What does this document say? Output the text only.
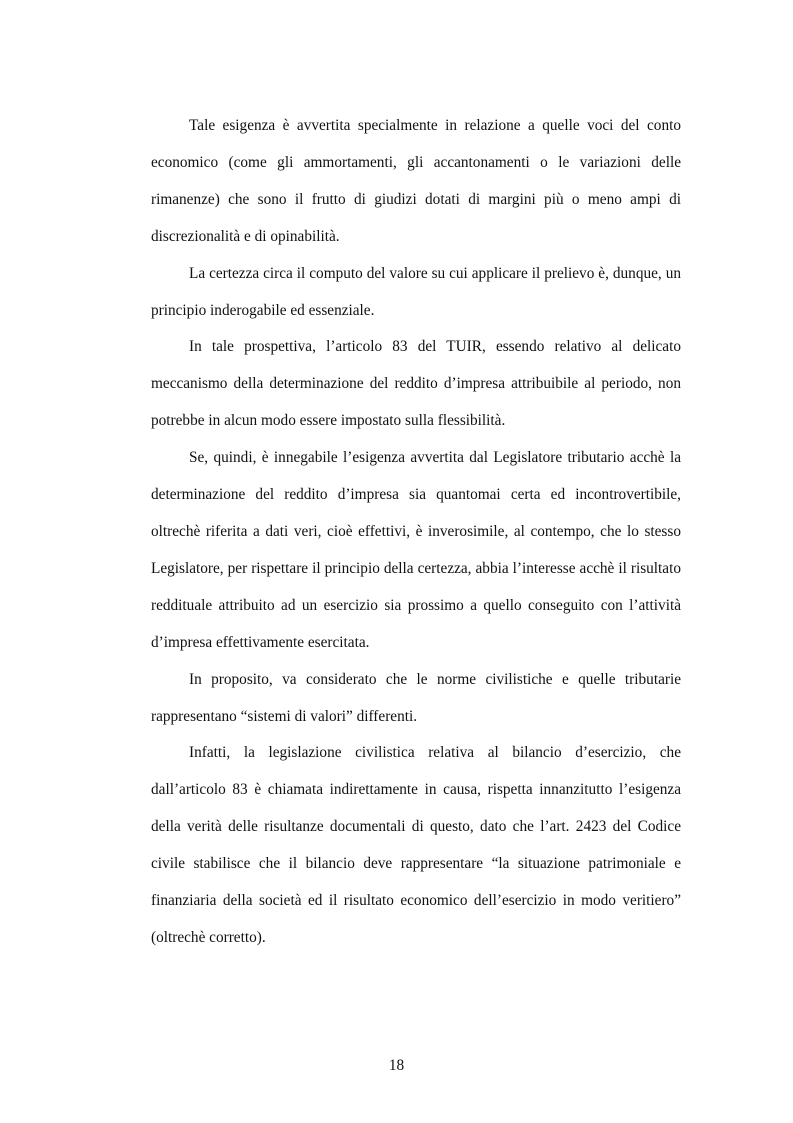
Tale esigenza è avvertita specialmente in relazione a quelle voci del conto economico (come gli ammortamenti, gli accantonamenti o le variazioni delle rimanenze) che sono il frutto di giudizi dotati di margini più o meno ampi di discrezionalità e di opinabilità.

La certezza circa il computo del valore su cui applicare il prelievo è, dunque, un principio inderogabile ed essenziale.

In tale prospettiva, l’articolo 83 del TUIR, essendo relativo al delicato meccanismo della determinazione del reddito d’impresa attribuibile al periodo, non potrebbe in alcun modo essere impostato sulla flessibilità.

Se, quindi, è innegabile l’esigenza avvertita dal Legislatore tributario acchè la determinazione del reddito d’impresa sia quantomai certa ed incontrovertibile, oltrechè riferita a dati veri, cioè effettivi, è inverosimile, al contempo, che lo stesso Legislatore, per rispettare il principio della certezza, abbia l’interesse acchè il risultato reddituale attribuito ad un esercizio sia prossimo a quello conseguito con l’attività d’impresa effettivamente esercitata.

In proposito, va considerato che le norme civilistiche e quelle tributarie rappresentano “sistemi di valori” differenti.

Infatti, la legislazione civilistica relativa al bilancio d’esercizio, che dall’articolo 83 è chiamata indirettamente in causa, rispetta innanzitutto l’esigenza della verità delle risultanze documentali di questo, dato che l’art. 2423 del Codice civile stabilisce che il bilancio deve rappresentare “la situazione patrimoniale e finanziaria della società ed il risultato economico dell’esercizio in modo veritiero” (oltrechè corretto).

18
